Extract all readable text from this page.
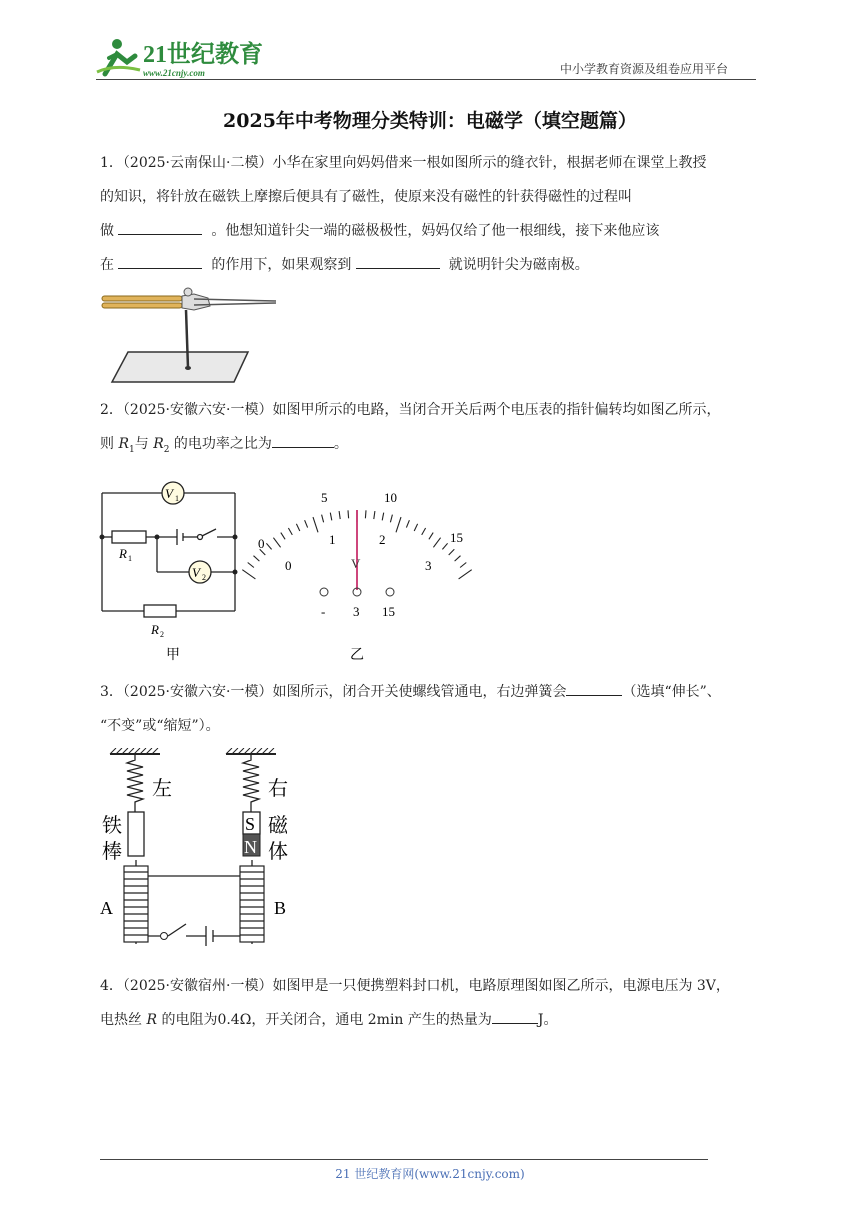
21世纪教育
www.21cnjy.com	中小学教育资源及组卷应用平台
2025年中考物理分类特训：电磁学（填空题篇）
1．（2025·云南保山·二模）小华在家里向妈妈借来一根如图所示的缝衣针，根据老师在课堂上教授
的知识，将针放在磁铁上摩擦后便具有了磁性，使原来没有磁性的针获得磁性的过程叫
做	。他想知道针尖一端的磁极极性，妈妈仅给了他一根细线，接下来他应该
在	的作用下，如果观察到	就说明针尖为磁南极。
2．（2025·安徽六安·一模）如图甲所示的电路，当闭合开关后两个电压表的指针偏转均如图乙所示，
则 $R_1$与 $R_2$ 的电功率之比为	。
V 1
V 2
R 1
R 2
甲
0
5	10
15
0
1	2
3
V
- 3 15
乙
3．（2025·安徽六安·一模）如图所示，闭合开关使螺线管通电，右边弹簧会	（选填“伸长”、
“不变”或“缩短”）。
左	右
铁
棒
磁
体
S
N
A	B
4．（2025·安徽宿州·一模）如图甲是一只便携塑料封口机，电路原理图如图乙所示，电源电压为 3V，
电热丝 R 的电阻为0.4Ω，开关闭合，通电 2min 产生的热量为	J。
21 世纪教育网(www.21cnjy.com)
